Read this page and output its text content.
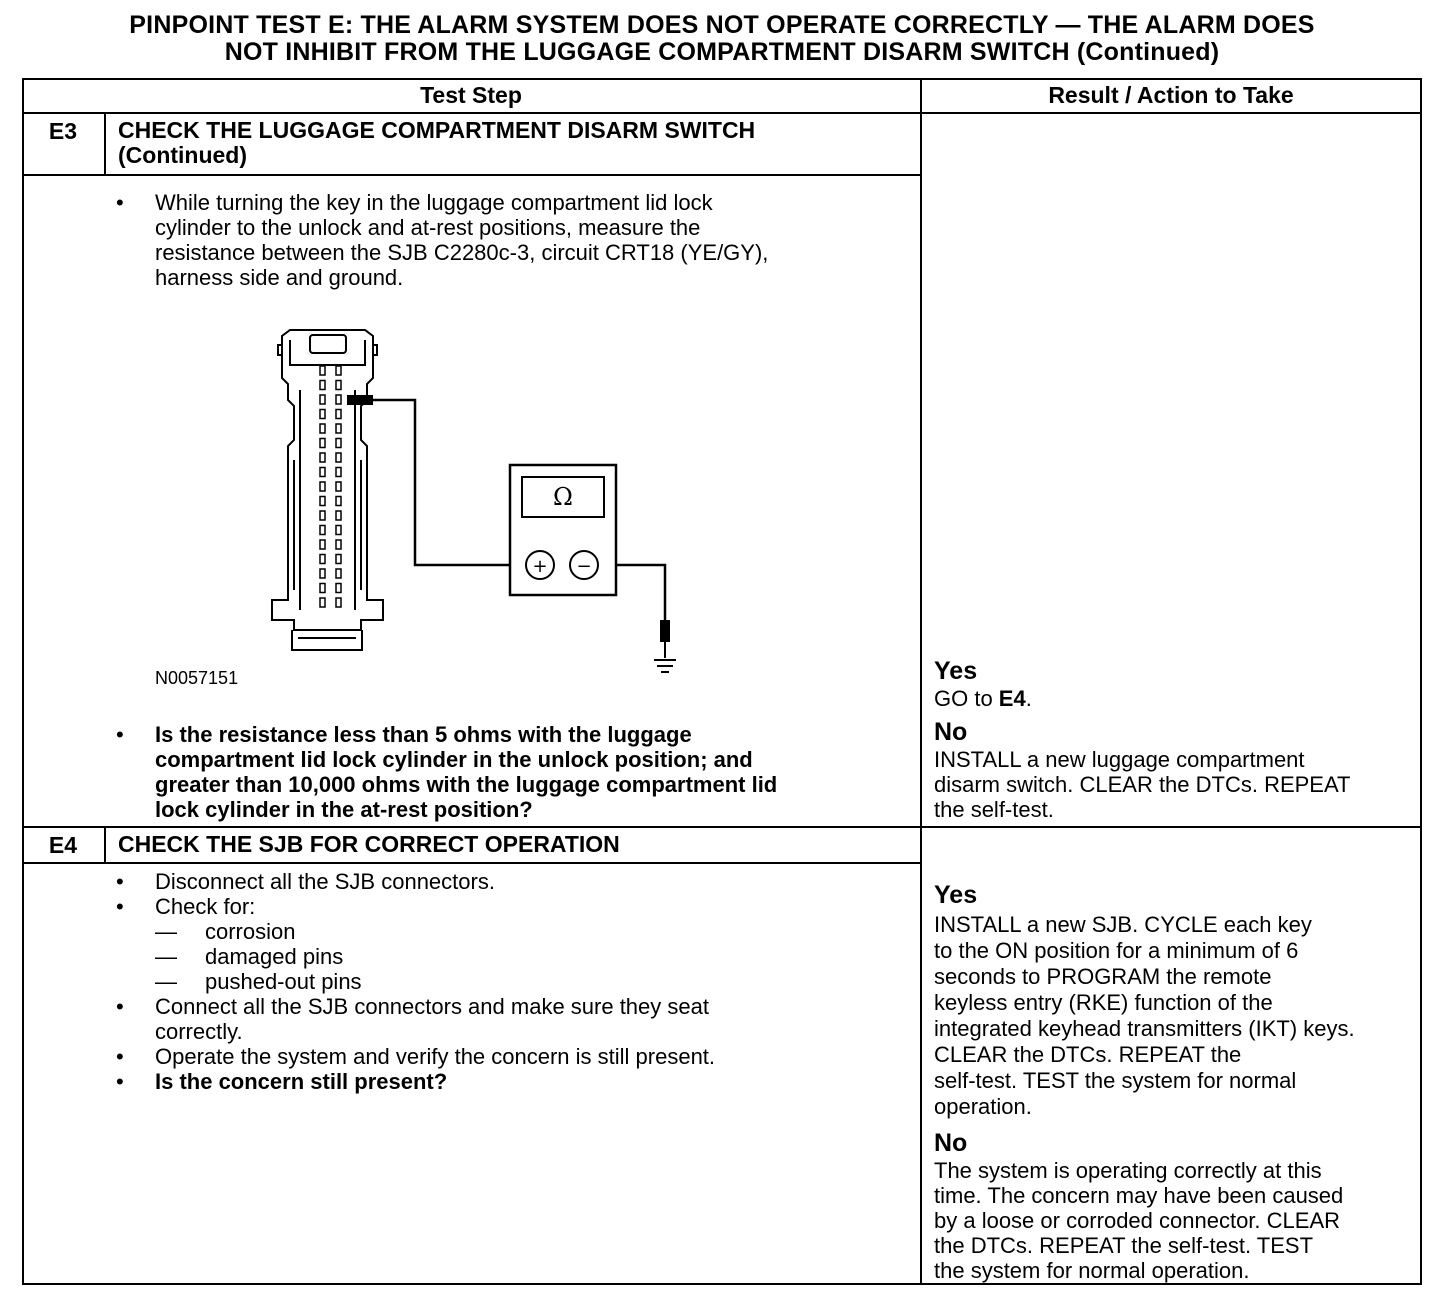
PINPOINT TEST E: THE ALARM SYSTEM DOES NOT OPERATE CORRECTLY — THE ALARM DOES
NOT INHIBIT FROM THE LUGGAGE COMPARTMENT DISARM SWITCH (Continued)
Test Step	Result / Action to Take
E3	CHECK THE LUGGAGE COMPARTMENT DISARM SWITCH
(Continued)
• While turning the key in the luggage compartment lid lock
cylinder to the unlock and at-rest positions, measure the
resistance between the SJB C2280c-3, circuit CRT18 (YE/GY),
harness side and ground.
Ω
+ −
N0057151
• Is the resistance less than 5 ohms with the luggage
compartment lid lock cylinder in the unlock position; and
greater than 10,000 ohms with the luggage compartment lid
lock cylinder in the at-rest position?
Yes
GO to E4.
No
INSTALL a new luggage compartment
disarm switch. CLEAR the DTCs. REPEAT
the self-test.
E4	CHECK THE SJB FOR CORRECT OPERATION
Disconnect all the SJB connectors.
Check for:
corrosion
damaged pins
pushed-out pins
Connect all the SJB connectors and make sure they seat
correctly.
Operate the system and verify the concern is still present.
Is the concern still present?
•
•
—
—
—
•
•
•
Yes
INSTALL a new SJB. CYCLE each key
to the ON position for a minimum of 6
seconds to PROGRAM the remote
keyless entry (RKE) function of the
integrated keyhead transmitters (IKT) keys.
CLEAR the DTCs. REPEAT the
self-test. TEST the system for normal
operation.
No
The system is operating correctly at this
time. The concern may have been caused
by a loose or corroded connector. CLEAR
the DTCs. REPEAT the self-test. TEST
the system for normal operation.
